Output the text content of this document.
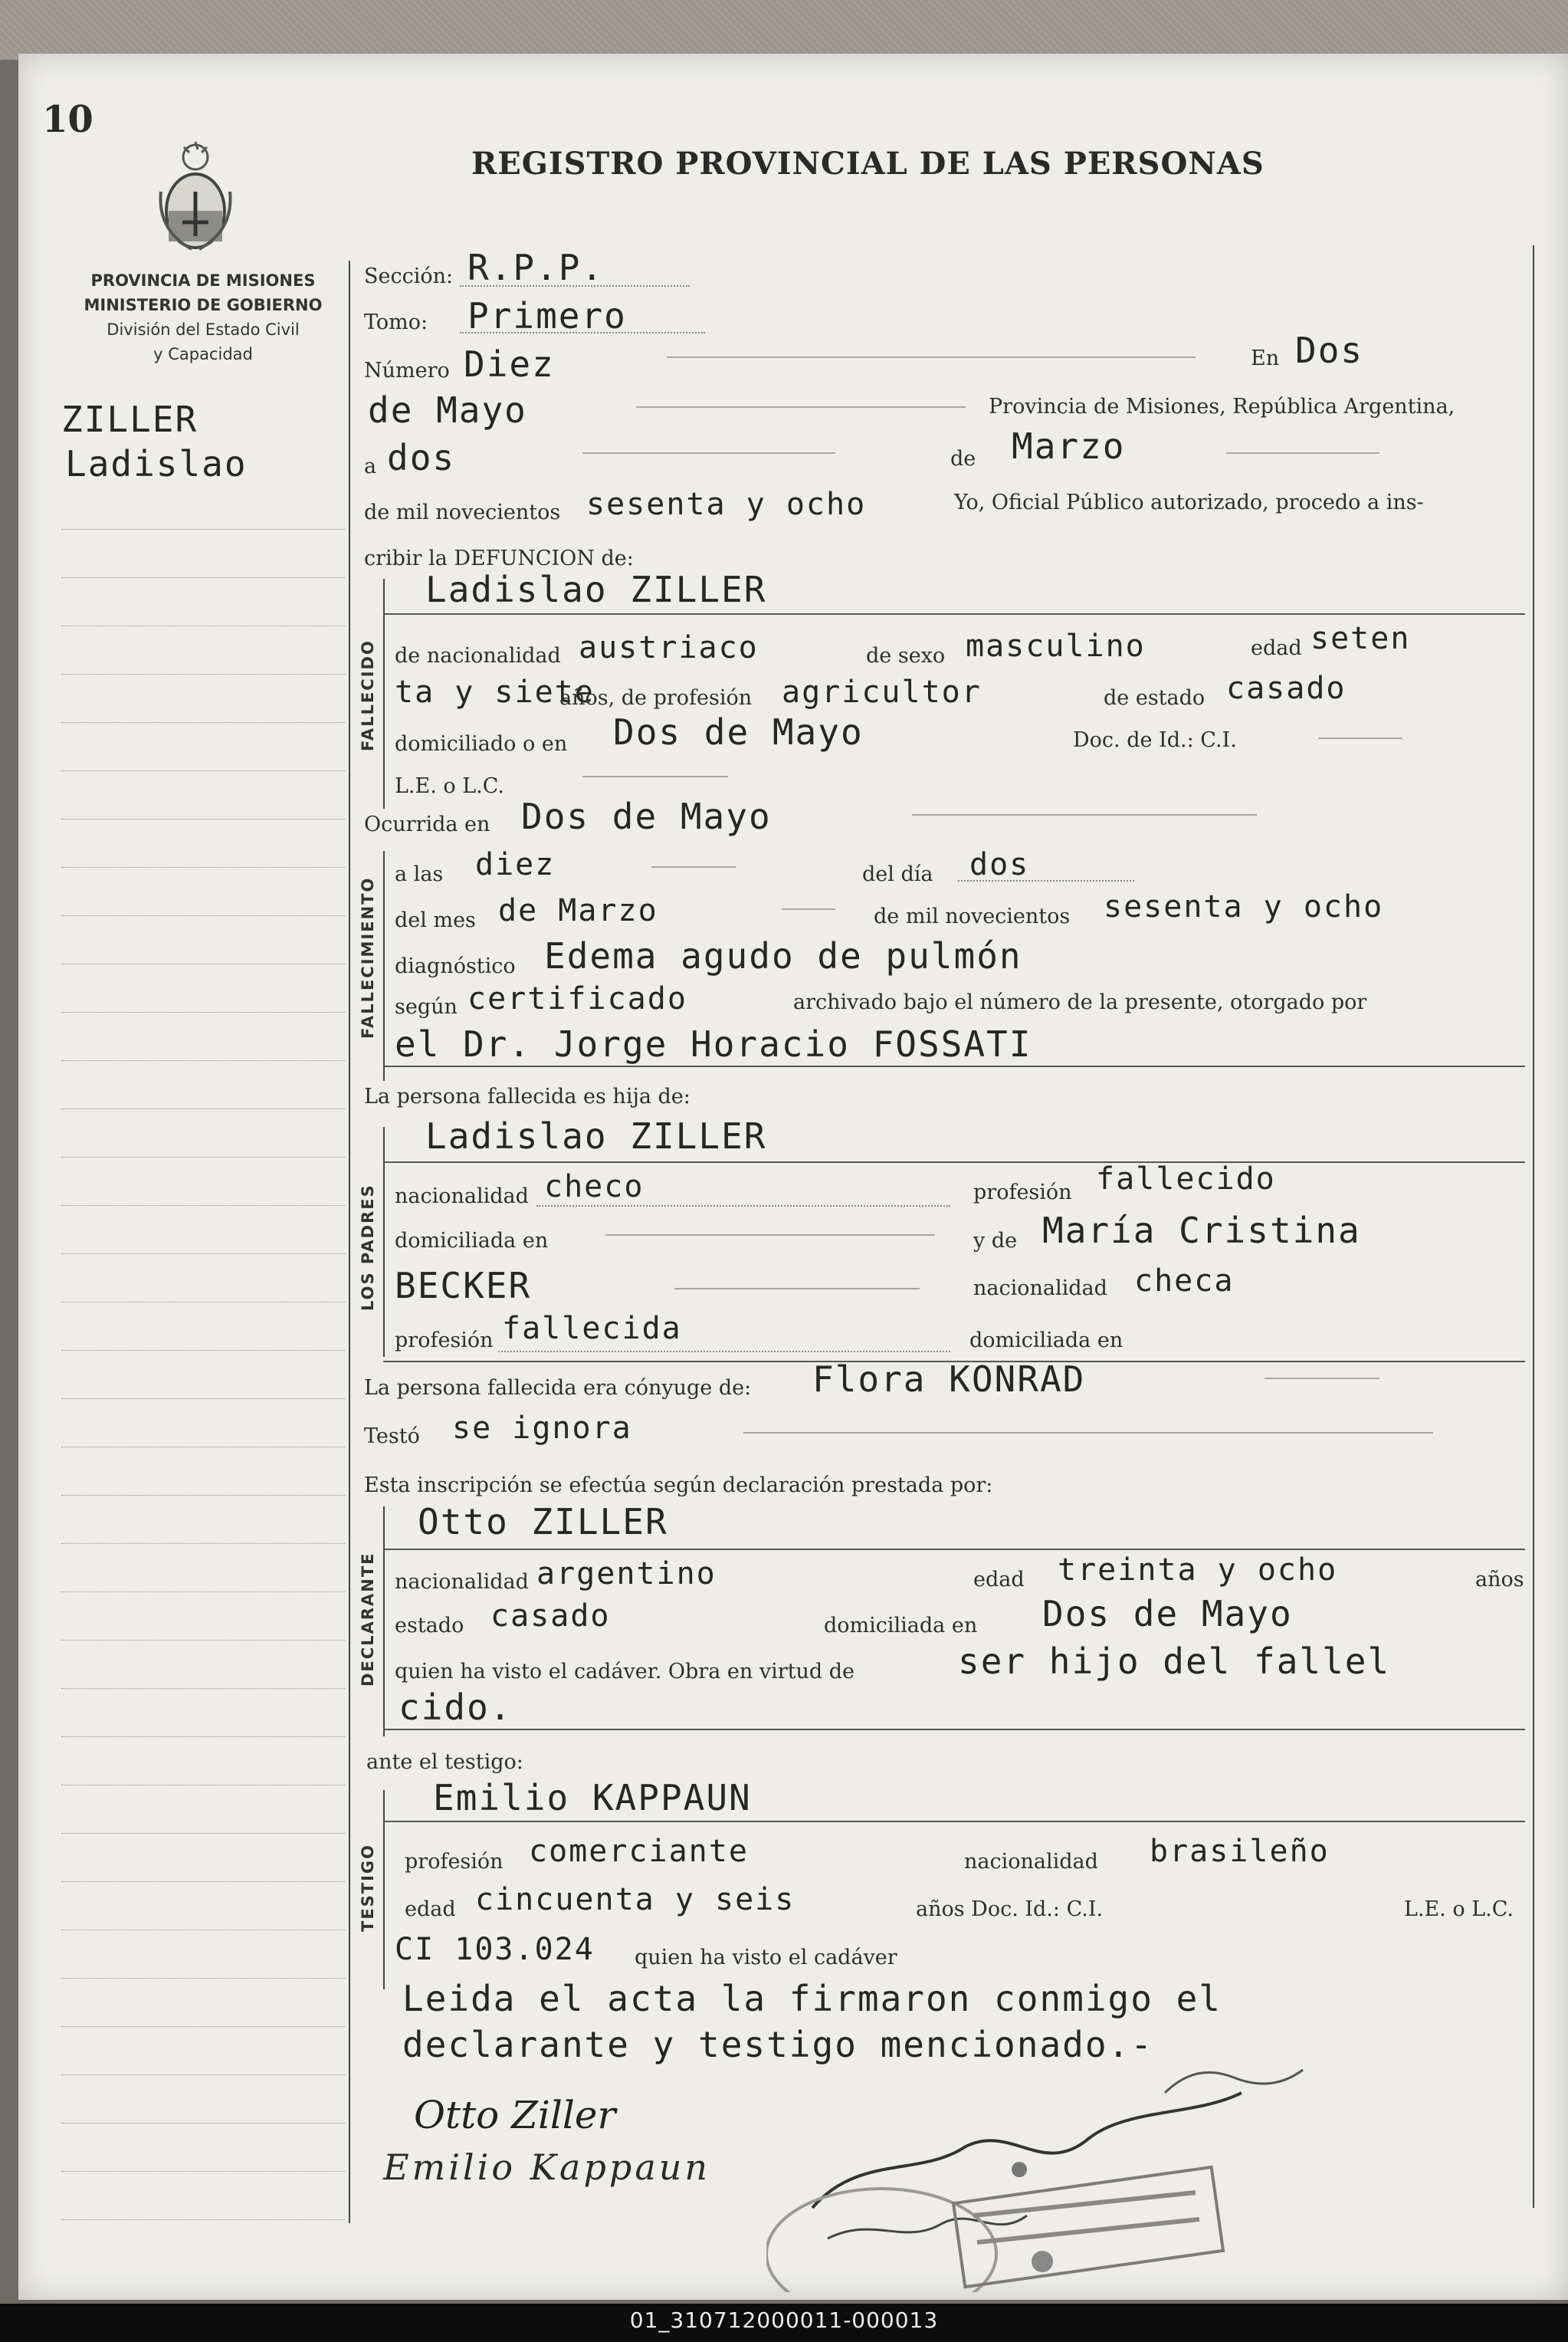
10
REGISTRO PROVINCIAL DE LAS PERSONAS
PROVINCIA DE MISIONES
MINISTERIO DE GOBIERNO
División del Estado Civil
y Capacidad
ZILLER
Ladislao
Sección: R.P.P.
Tomo: Primero
Número Diez	En Dos
de Mayo	Provincia de Misiones, República Argentina,
a dos	de Marzo
de mil novecientos sesenta y ocho	Yo, Oficial Público autorizado, procedo a ins-
cribir la DEFUNCION de:
FALLECIDO
Ladislao ZILLER
de nacionalidad austriaco	de sexo masculino	edad seten
ta y siete
años, de profesión agricultor	de estado casado
domiciliado o en Dos de Mayo	Doc. de Id.: C.I.
L.E. o L.C.
Ocurrida en Dos de Mayo
FALLECIMIENTO
a las diez	del día dos
del mes de Marzo	de mil novecientos sesenta y ocho
diagnóstico Edema agudo de pulmón
según certificado	archivado bajo el número de la presente, otorgado por
el Dr. Jorge Horacio FOSSATI
La persona fallecida es hija de:
LOS PADRES
Ladislao ZILLER
nacionalidad checo	profesión fallecido
domiciliada en	y de María Cristina
BECKER	nacionalidad checa
profesión fallecida	domiciliada en
La persona fallecida era cónyuge de: Flora KONRAD
Testó se ignora
Esta inscripción se efectúa según declaración prestada por:
DECLARANTE
Otto ZILLER
nacionalidad argentino	edad treinta y ocho	años
estado casado	domiciliada en Dos de Mayo
quien ha visto el cadáver. Obra en virtud de	ser hijo del fallel
cido.
ante el testigo:
TESTIGO
Emilio KAPPAUN
profesión comerciante	nacionalidad brasileño
edad cincuenta y seis	años Doc. Id.: C.I.	L.E. o L.C.
CI 103.024 quien ha visto el cadáver
Leida el acta la firmaron conmigo el
declarante y testigo mencionado.-
Otto Ziller
Emilio Kappaun
01_310712000011-000013
